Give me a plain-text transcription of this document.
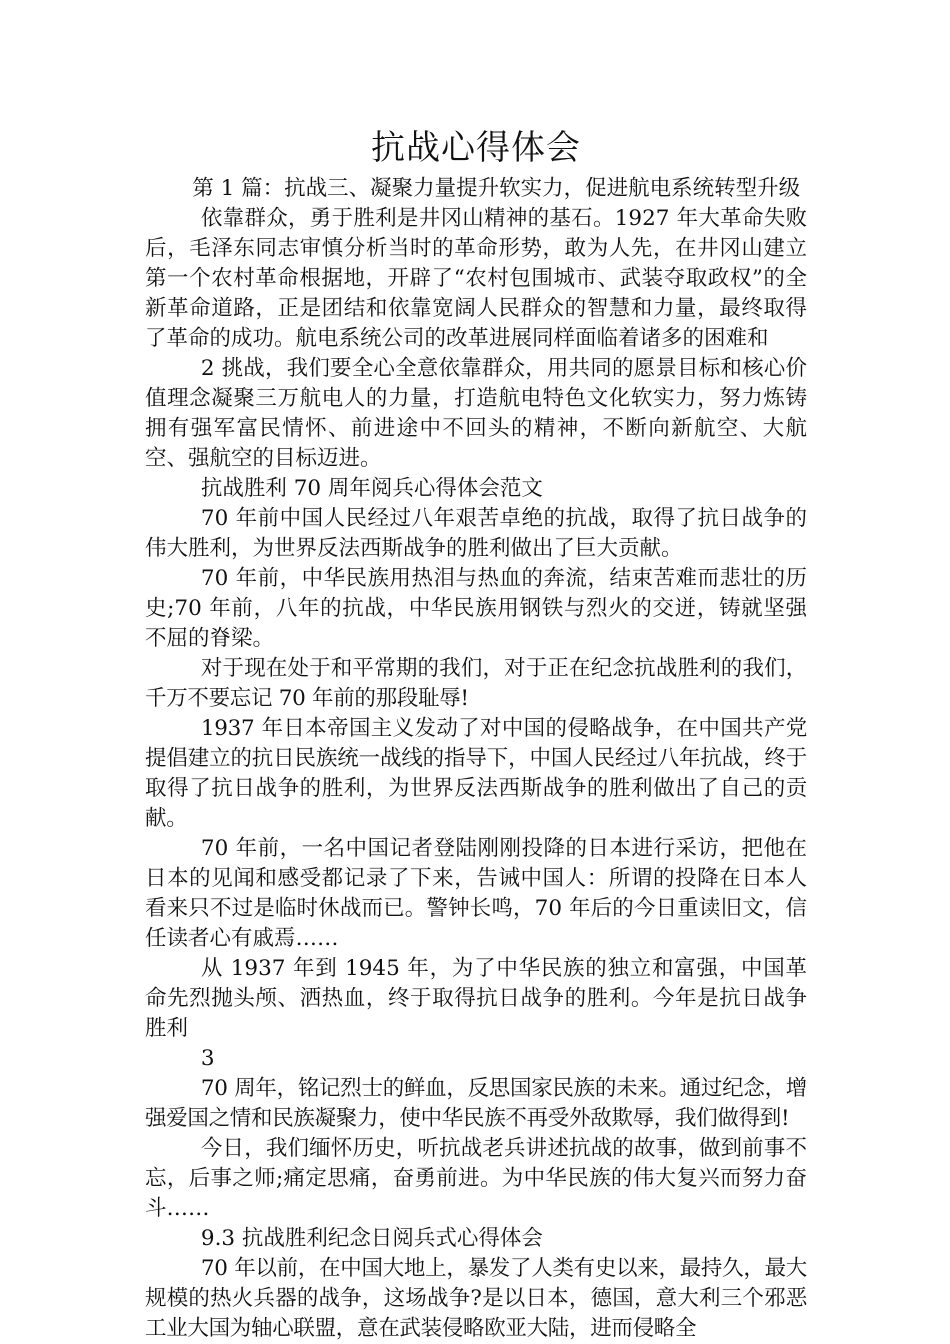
抗战心得体会

第 1 篇：抗战三、凝聚力量提升软实力，促进航电系统转型升级

依靠群众，勇于胜利是井冈山精神的基石。1927 年大革命失败后，毛泽东同志审慎分析当时的革命形势，敢为人先，在井冈山建立第一个农村革命根据地，开辟了“农村包围城市、武装夺取政权”的全新革命道路，正是团结和依靠宽阔人民群众的智慧和力量，最终取得了革命的成功。航电系统公司的改革进展同样面临着诸多的困难和

2 挑战，我们要全心全意依靠群众，用共同的愿景目标和核心价值理念凝聚三万航电人的力量，打造航电特色文化软实力，努力炼铸拥有强军富民情怀、前进途中不回头的精神，不断向新航空、大航空、强航空的目标迈进。

抗战胜利 70 周年阅兵心得体会范文

70 年前中国人民经过八年艰苦卓绝的抗战，取得了抗日战争的伟大胜利，为世界反法西斯战争的胜利做出了巨大贡献。

70 年前，中华民族用热泪与热血的奔流，结束苦难而悲壮的历史;70 年前，八年的抗战，中华民族用钢铁与烈火的交迸，铸就坚强不屈的脊梁。

对于现在处于和平常期的我们，对于正在纪念抗战胜利的我们，千万不要忘记 70 年前的那段耻辱!

1937 年日本帝国主义发动了对中国的侵略战争，在中国共产党提倡建立的抗日民族统一战线的指导下，中国人民经过八年抗战，终于取得了抗日战争的胜利，为世界反法西斯战争的胜利做出了自己的贡献。

70 年前，一名中国记者登陆刚刚投降的日本进行采访，把他在日本的见闻和感受都记录了下来，告诫中国人：所谓的投降在日本人看来只不过是临时休战而已。警钟长鸣，70 年后的今日重读旧文，信任读者心有戚焉……

从 1937 年到 1945 年，为了中华民族的独立和富强，中国革命先烈抛头颅、洒热血，终于取得抗日战争的胜利。今年是抗日战争胜利

3

70 周年，铭记烈士的鲜血，反思国家民族的未来。通过纪念，增强爱国之情和民族凝聚力，使中华民族不再受外敌欺辱，我们做得到!

今日，我们缅怀历史，听抗战老兵讲述抗战的故事，做到前事不忘，后事之师;痛定思痛，奋勇前进。为中华民族的伟大复兴而努力奋斗……

9.3 抗战胜利纪念日阅兵式心得体会

70 年以前，在中国大地上，暴发了人类有史以来，最持久，最大规模的热火兵器的战争，这场战争?是以日本，德国，意大利三个邪恶工业大国为轴心联盟，意在武装侵略欧亚大陆，进而侵略全
